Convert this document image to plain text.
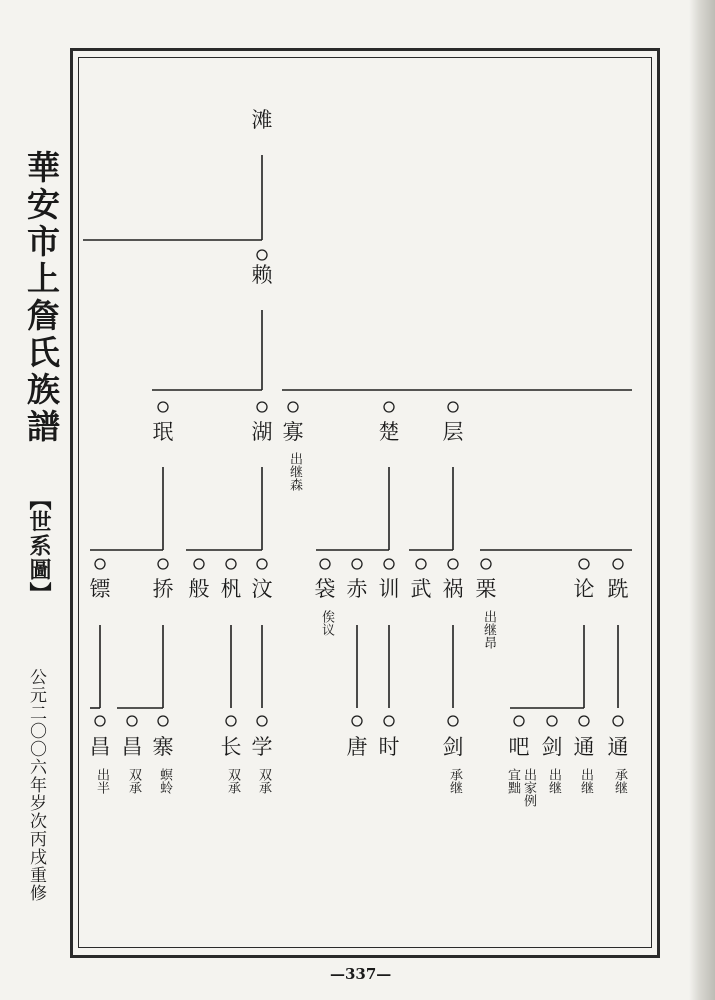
華安市上詹氏族譜

【世系圖】

公元二〇〇六年岁次丙戌重修

—337—

滩

赖

珉	湖 寡	楚	层

镖	挢 般 杋 汶	袋 赤 训 武 祸 栗	论 跣

昌 昌 寨	长 学	唐 时	剑	吧 剑 通 通

出继森

俟议	出继昂

出半 双承 螟蛉	双承 双承	承继	出家例

宜黜 出继 出继 承继
